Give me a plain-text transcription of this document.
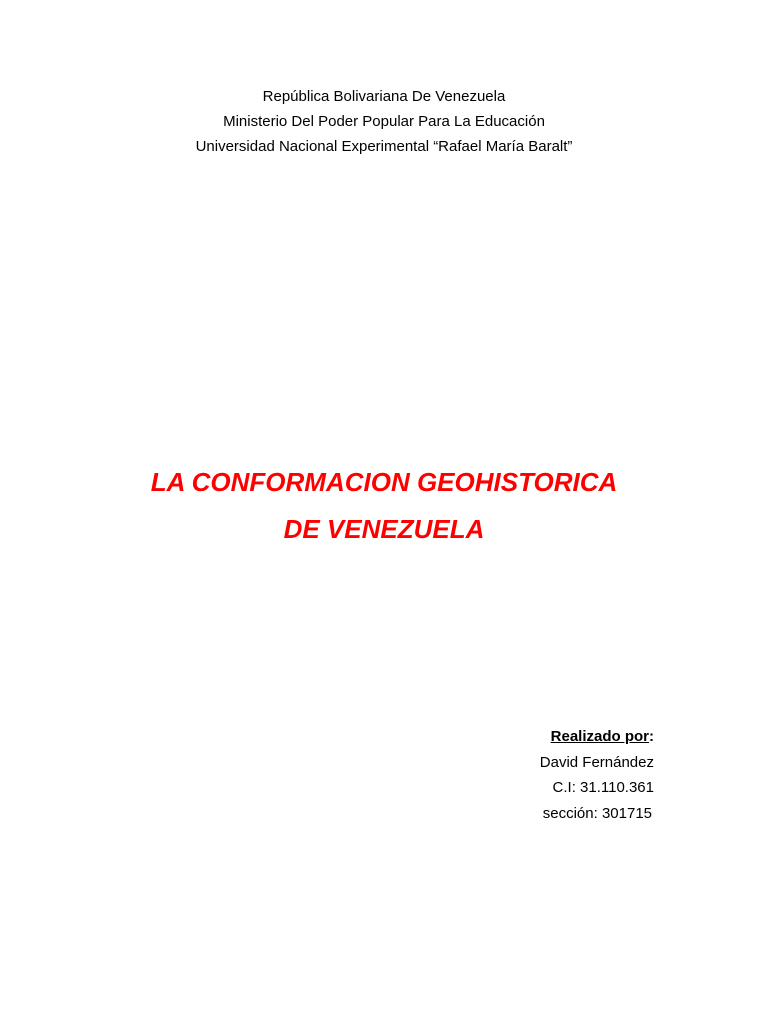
República Bolivariana De Venezuela
Ministerio Del Poder Popular Para La Educación
Universidad Nacional Experimental “Rafael María Baralt”
LA CONFORMACION GEOHISTORICA
DE VENEZUELA
Realizado por:
David Fernández
C.I: 31.110.361
sección: 301715
